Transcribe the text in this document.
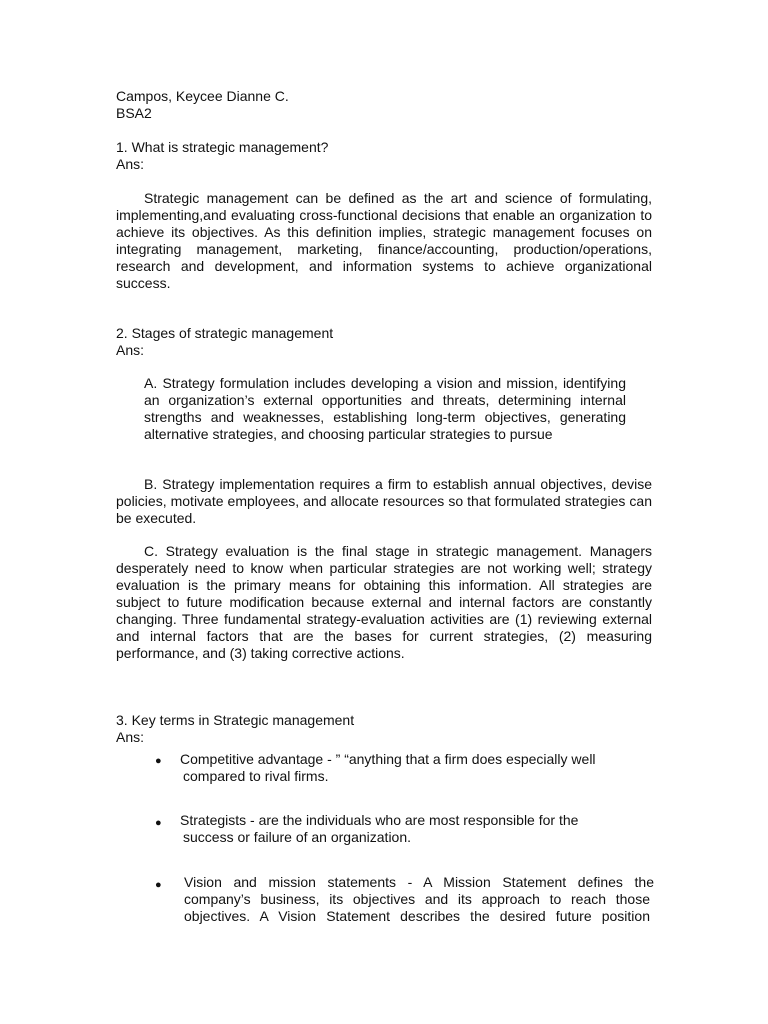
Campos, Keycee Dianne C.
BSA2
1. What is strategic management?
Ans:
Strategic management can be defined as the art and science of formulating, implementing,and evaluating cross-functional decisions that enable an organization to achieve its objectives. As this definition implies, strategic management focuses on integrating management, marketing, finance/accounting, production/operations, research and development, and information systems to achieve organizational success.
2. Stages of strategic management
Ans:
A. Strategy formulation includes developing a vision and mission, identifying an organization’s external opportunities and threats, determining internal strengths and weaknesses, establishing long-term objectives, generating alternative strategies, and choosing particular strategies to pursue
B. Strategy implementation requires a firm to establish annual objectives, devise policies, motivate employees, and allocate resources so that formulated strategies can be executed.
C. Strategy evaluation is the final stage in strategic management. Managers desperately need to know when particular strategies are not working well; strategy evaluation is the primary means for obtaining this information. All strategies are subject to future modification because external and internal factors are constantly changing. Three fundamental strategy-evaluation activities are (1) reviewing external and internal factors that are the bases for current strategies, (2) measuring performance, and (3) taking corrective actions.
3. Key terms in Strategic management
Ans:
● Competitive advantage - ” “anything that a firm does especially well
compared to rival firms.
● Strategists - are the individuals who are most responsible for the
success or failure of an organization.
● Vision and mission statements - A Mission Statement defines the
company’s business, its objectives and its approach to reach those objectives. A Vision Statement describes the desired future position
